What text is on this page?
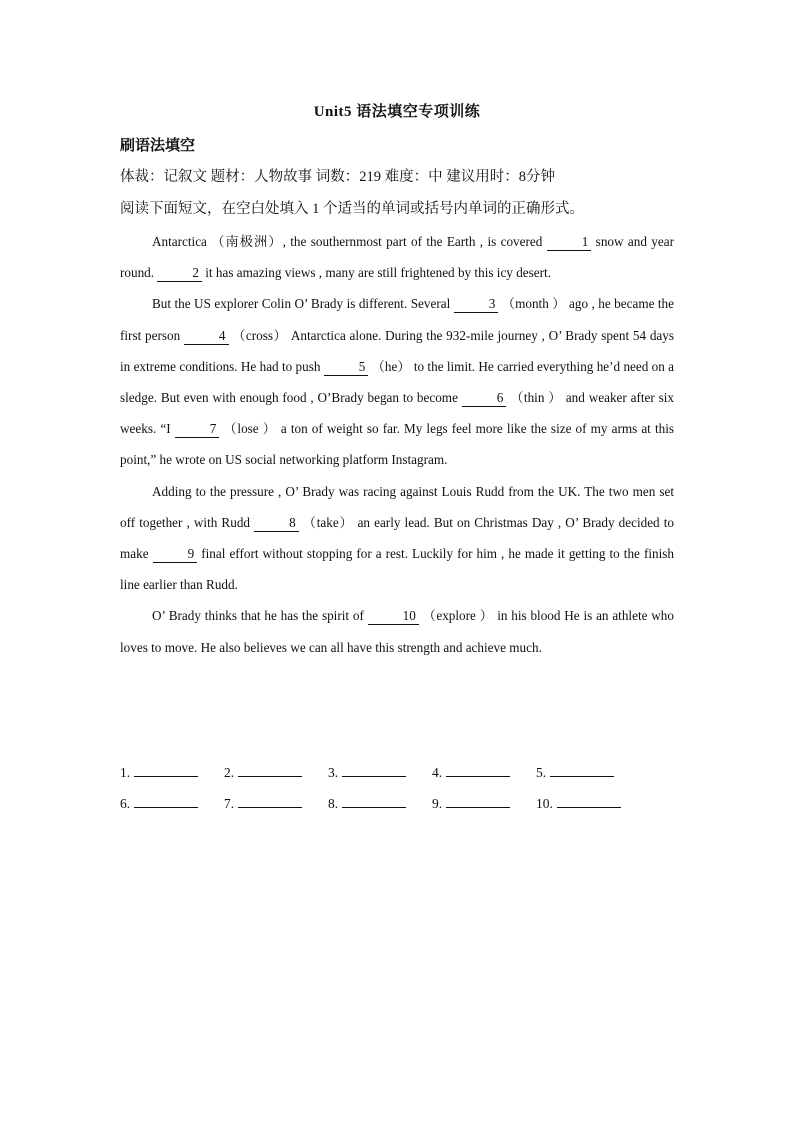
Unit5 语法填空专项训练
刷语法填空
体裁：记叙文 题材：人物故事 词数：219 难度：中 建议用时：8分钟
阅读下面短文，在空白处填入 1 个适当的单词或括号内单词的正确形式。

Antarctica （南极洲）, the southernmost part of the Earth , is covered	1 snow and year round.	2 it has amazing views , many are still frightened by this icy desert.

But the US explorer Colin O’ Brady is different. Several	3 （month ） ago , he became the first person	4 （cross） Antarctica alone. During the 932-mile journey , O’ Brady spent 54 days in extreme conditions. He had to push	5 （he） to the limit. He carried everything he’d need on a sledge. But even with enough food , O’Brady began to become	6 （thin ） and weaker after six weeks. “I	7 （lose ） a ton of weight so far. My legs feel more like the size of my arms at this point,” he wrote on US social networking platform Instagram.

Adding to the pressure , O’ Brady was racing against Louis Rudd from the UK. The two men set off together , with Rudd	8 （take） an early lead. But on Christmas Day , O’ Brady decided to make	9 final effort without stopping for a rest. Luckily for him , he made it getting to the finish line earlier than Rudd.

O’ Brady thinks that he has the spirit of	10 （explore ） in his blood He is an athlete who loves to move. He also believes we can all have this strength and achieve much.

1.	2.	3.	4.	5.
6.	7.	8.	9.	10.
